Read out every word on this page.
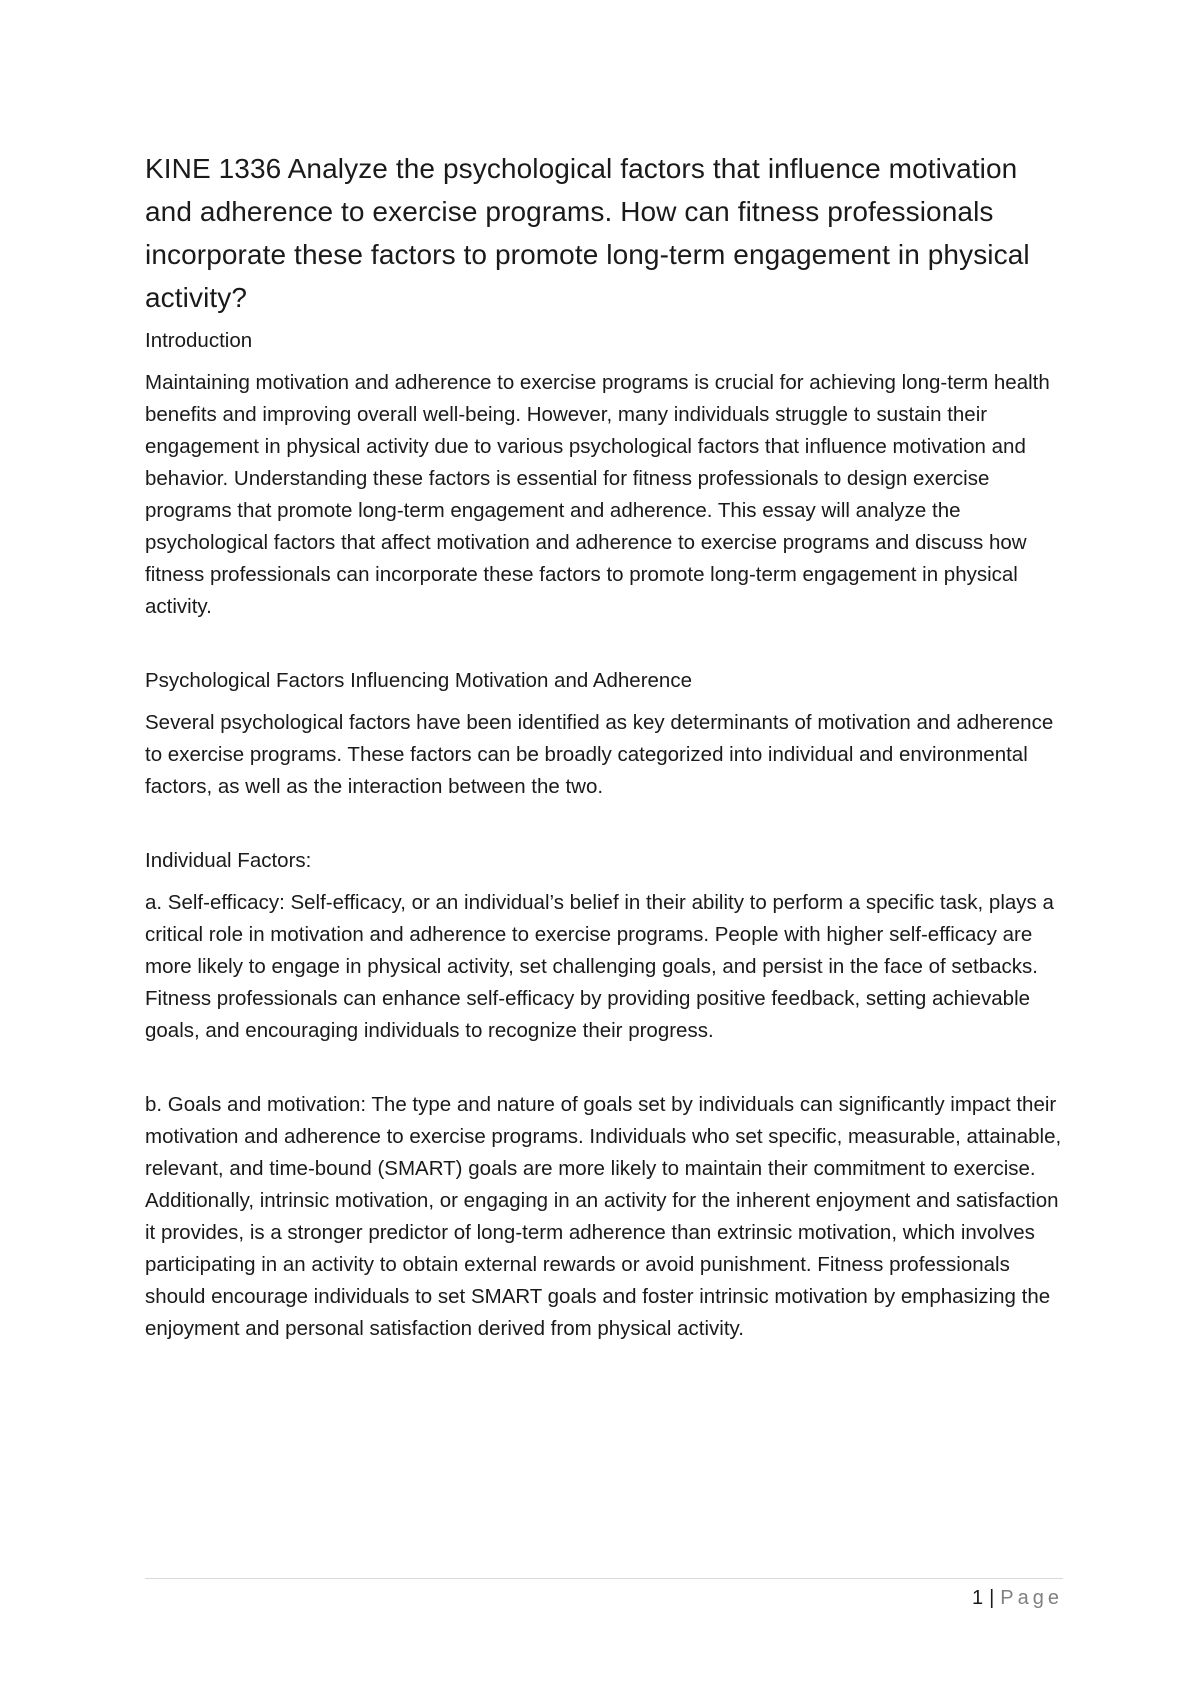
KINE 1336 Analyze the psychological factors that influence motivation and adherence to exercise programs. How can fitness professionals incorporate these factors to promote long-term engagement in physical activity?
Introduction

Maintaining motivation and adherence to exercise programs is crucial for achieving long-term health benefits and improving overall well-being. However, many individuals struggle to sustain their engagement in physical activity due to various psychological factors that influence motivation and behavior. Understanding these factors is essential for fitness professionals to design exercise programs that promote long-term engagement and adherence. This essay will analyze the psychological factors that affect motivation and adherence to exercise programs and discuss how fitness professionals can incorporate these factors to promote long-term engagement in physical activity.

Psychological Factors Influencing Motivation and Adherence

Several psychological factors have been identified as key determinants of motivation and adherence to exercise programs. These factors can be broadly categorized into individual and environmental factors, as well as the interaction between the two.

Individual Factors:

a. Self-efficacy: Self-efficacy, or an individual’s belief in their ability to perform a specific task, plays a critical role in motivation and adherence to exercise programs. People with higher self-efficacy are more likely to engage in physical activity, set challenging goals, and persist in the face of setbacks. Fitness professionals can enhance self-efficacy by providing positive feedback, setting achievable goals, and encouraging individuals to recognize their progress.

b. Goals and motivation: The type and nature of goals set by individuals can significantly impact their motivation and adherence to exercise programs. Individuals who set specific, measurable, attainable, relevant, and time-bound (SMART) goals are more likely to maintain their commitment to exercise. Additionally, intrinsic motivation, or engaging in an activity for the inherent enjoyment and satisfaction it provides, is a stronger predictor of long-term adherence than extrinsic motivation, which involves participating in an activity to obtain external rewards or avoid punishment. Fitness professionals should encourage individuals to set SMART goals and foster intrinsic motivation by emphasizing the enjoyment and personal satisfaction derived from physical activity.

1 | Page
